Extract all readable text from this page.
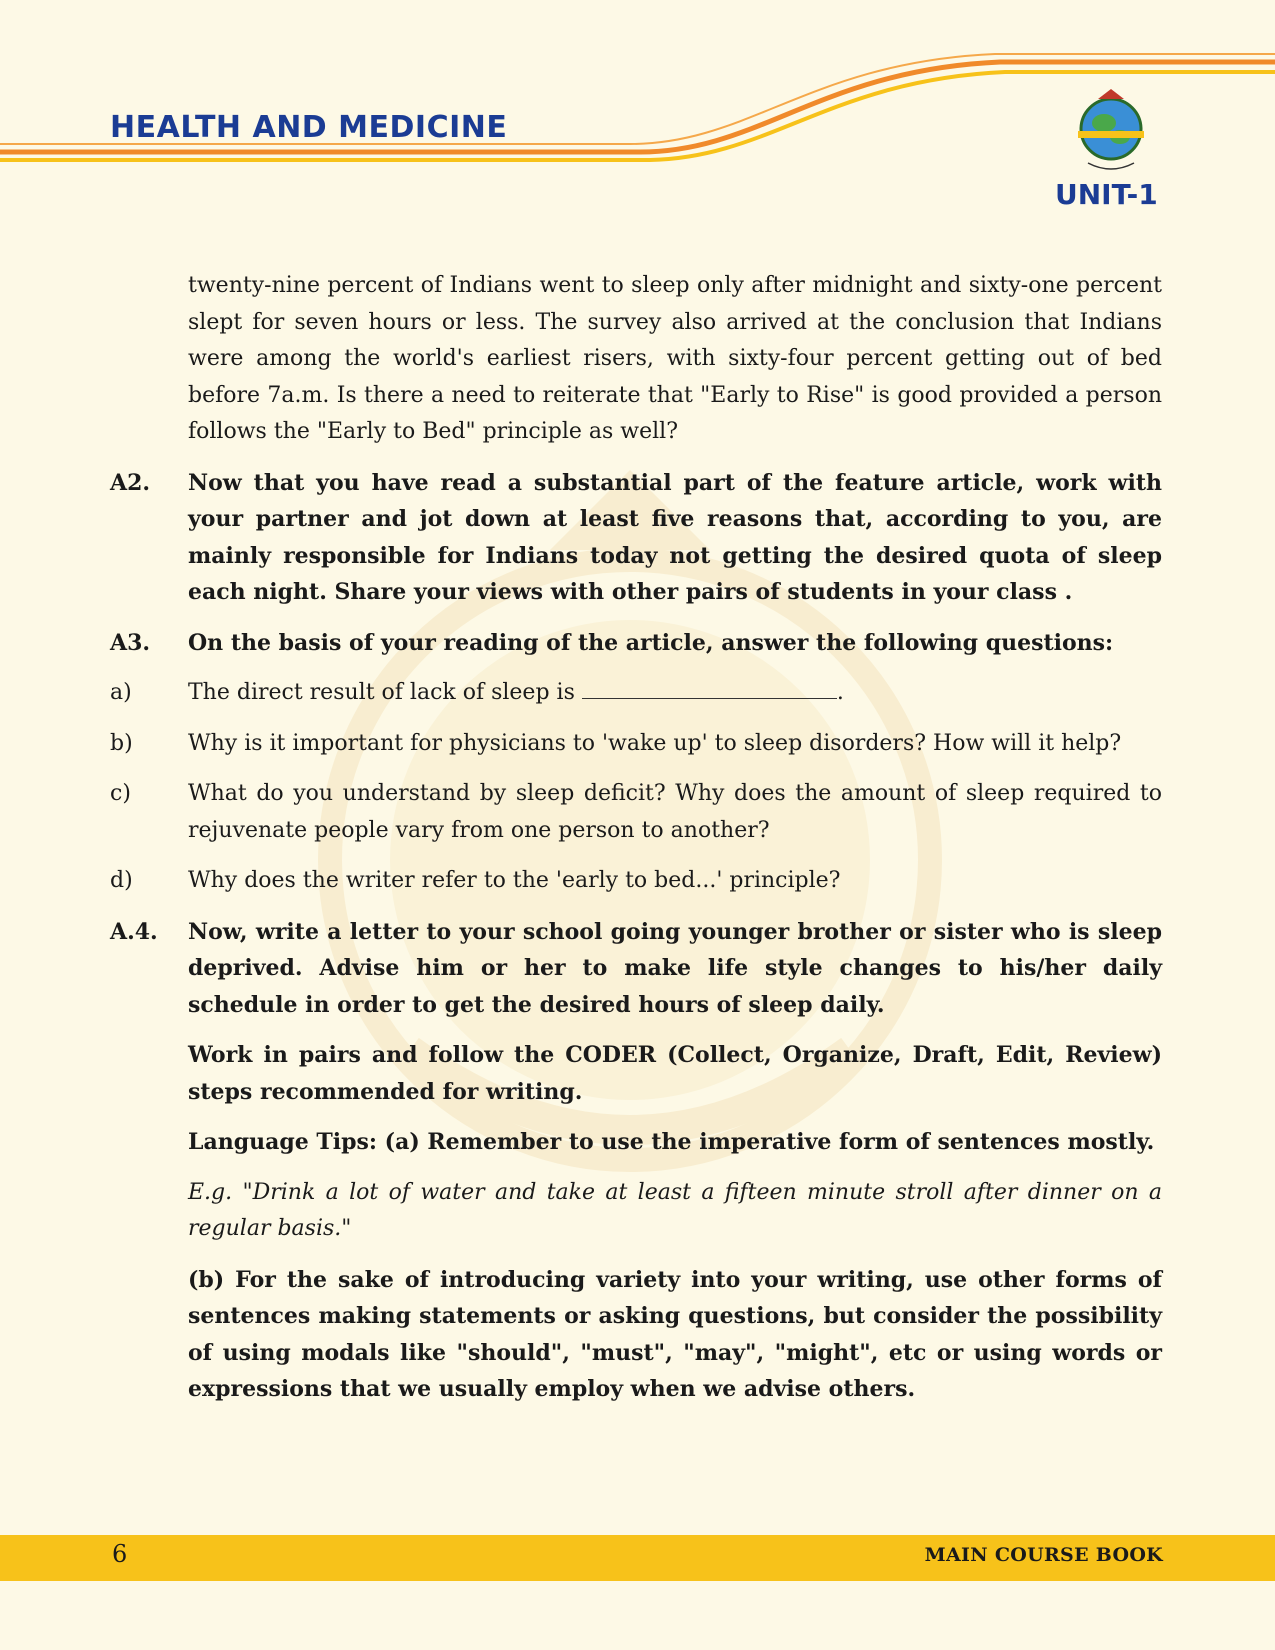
HEALTH AND MEDICINE
UNIT-1
twenty-nine percent of Indians went to sleep only after midnight and sixty-one percent slept for seven hours or less. The survey also arrived at the conclusion that Indians were among the world's earliest risers, with sixty-four percent getting out of bed before 7a.m. Is there a need to reiterate that "Early to Rise" is good provided a person follows the "Early to Bed" principle as well?
A2.	Now that you have read a substantial part of the feature article, work with your partner and jot down at least five reasons that, according to you, are mainly responsible for Indians today not getting the desired quota of sleep each night. Share your views with other pairs of students in your class .
A3.	On the basis of your reading of the article, answer the following questions:
a)	The direct result of lack of sleep is	.
b)	Why is it important for physicians to 'wake up' to sleep disorders? How will it help?
c)	What do you understand by sleep deficit? Why does the amount of sleep required to rejuvenate people vary from one person to another?
d)	Why does the writer refer to the 'early to bed...' principle?
A.4.	Now, write a letter to your school going younger brother or sister who is sleep deprived. Advise him or her to make life style changes to his/her daily schedule in order to get the desired hours of sleep daily.
Work in pairs and follow the CODER (Collect, Organize, Draft, Edit, Review) steps recommended for writing.
Language Tips: (a) Remember to use the imperative form of sentences mostly.
E.g. "Drink a lot of water and take at least a fifteen minute stroll after dinner on a regular basis."
(b) For the sake of introducing variety into your writing, use other forms of sentences making statements or asking questions, but consider the possibility of using modals like "should", "must", "may", "might", etc or using words or expressions that we usually employ when we advise others.
6	MAIN COURSE BOOK
